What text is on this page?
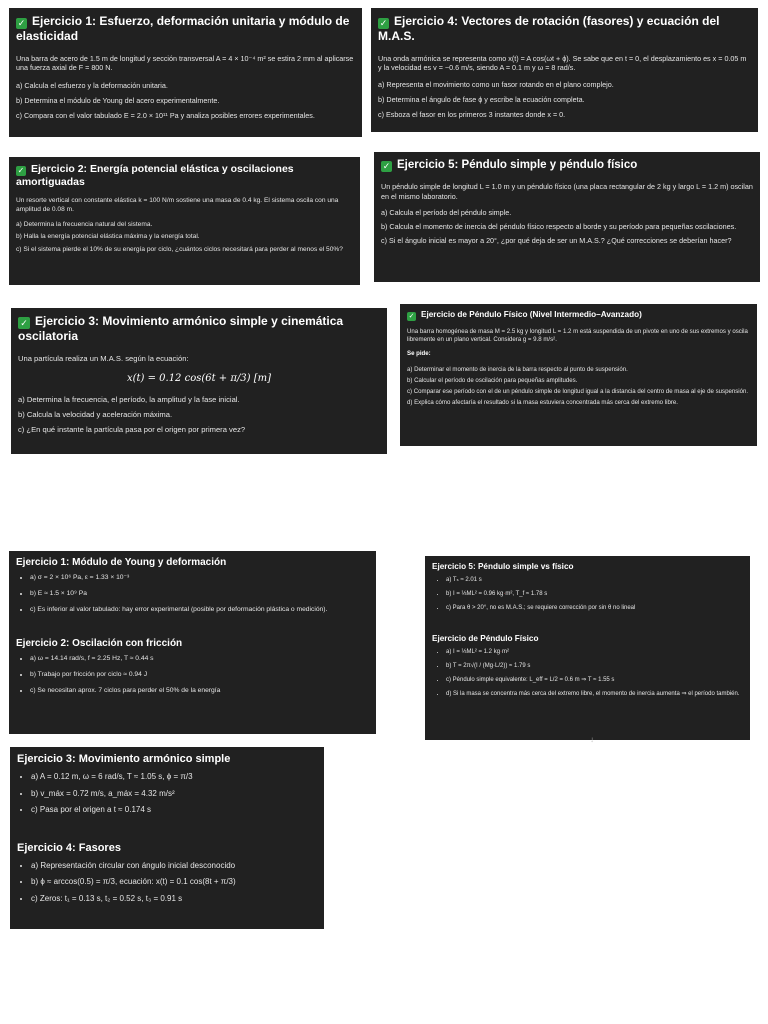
✓ Ejercicio 1: Esfuerzo, deformación unitaria y módulo de elasticidad

Una barra de acero de 1.5 m de longitud y sección transversal A = 4 × 10⁻⁴ m² se estira 2 mm al aplicarse una fuerza axial de F = 800 N.

a) Calcula el esfuerzo y la deformación unitaria.

b) Determina el módulo de Young del acero experimentalmente.

c) Compara con el valor tabulado E = 2.0 × 10¹¹ Pa y analiza posibles errores experimentales.

✓ Ejercicio 4: Vectores de rotación (fasores) y ecuación del M.A.S.

Una onda armónica se representa como x(t) = A cos(ωt + ϕ). Se sabe que en t = 0, el desplazamiento es x = 0.05 m y la velocidad es v = −0.6 m/s, siendo A = 0.1 m y ω = 8 rad/s.

a) Representa el movimiento como un fasor rotando en el plano complejo.

b) Determina el ángulo de fase ϕ y escribe la ecuación completa.

c) Esboza el fasor en los primeros 3 instantes donde x = 0.

✓ Ejercicio 2: Energía potencial elástica y oscilaciones amortiguadas

Un resorte vertical con constante elástica k = 100 N/m sostiene una masa de 0.4 kg. El sistema oscila con una amplitud de 0.08 m.

a) Determina la frecuencia natural del sistema.

b) Halla la energía potencial elástica máxima y la energía total.

c) Si el sistema pierde el 10% de su energía por ciclo, ¿cuántos ciclos necesitará para perder al menos el 50%?

✓ Ejercicio 5: Péndulo simple y péndulo físico

Un péndulo simple de longitud L = 1.0 m y un péndulo físico (una placa rectangular de 2 kg y largo L = 1.2 m) oscilan en el mismo laboratorio.

a) Calcula el período del péndulo simple.

b) Calcula el momento de inercia del péndulo físico respecto al borde y su período para pequeñas oscilaciones.

c) Si el ángulo inicial es mayor a 20°, ¿por qué deja de ser un M.A.S.? ¿Qué correcciones se deberían hacer?

✓ Ejercicio 3: Movimiento armónico simple y cinemática oscilatoria

Una partícula realiza un M.A.S. según la ecuación:

x(t) = 0.12 cos(6t + π/3) [m]

a) Determina la frecuencia, el período, la amplitud y la fase inicial.

b) Calcula la velocidad y aceleración máxima.

c) ¿En qué instante la partícula pasa por el origen por primera vez?

✓ Ejercicio de Péndulo Físico (Nivel Intermedio–Avanzado)

Una barra homogénea de masa M = 2.5 kg y longitud L = 1.2 m está suspendida de un pivote en uno de sus extremos y oscila libremente en un plano vertical. Considera g = 9.8 m/s².

Se pide:

a) Determinar el momento de inercia de la barra respecto al punto de suspensión.

b) Calcular el período de oscilación para pequeñas amplitudes.

c) Comparar ese período con el de un péndulo simple de longitud igual a la distancia del centro de masa al eje de suspensión.

d) Explica cómo afectaría el resultado si la masa estuviera concentrada más cerca del extremo libre.

Ejercicio 1: Módulo de Young y deformación
• a) σ = 2 × 10⁶ Pa, ε = 1.33 × 10⁻³
• b) E ≈ 1.5 × 10⁹ Pa
• c) Es inferior al valor tabulado: hay error experimental (posible por deformación plástica o medición).
Ejercicio 2: Oscilación con fricción
• a) ω = 14.14 rad/s, f = 2.25 Hz, T ≈ 0.44 s
• b) Trabajo por fricción por ciclo ≈ 0.94 J
• c) Se necesitan aprox. 7 ciclos para perder el 50% de la energía
Ejercicio 5: Péndulo simple vs físico
• a) Tₛ ≈ 2.01 s
• b) I = ⅓ML² = 0.96 kg·m², T_f ≈ 1.78 s
• c) Para θ > 20°, no es M.A.S.; se requiere corrección por sin θ no lineal
Ejercicio de Péndulo Físico
• a) I = ⅓ML² = 1.2 kg·m²
• b) T = 2π√(I / (Mg·L/2)) ≈ 1.79 s
• c) Péndulo simple equivalente: L_eff = L/2 = 0.6 m ⇒ T ≈ 1.55 s
• d) Si la masa se concentra más cerca del extremo libre, el momento de inercia aumenta ⇒ el período también.
Ejercicio 3: Movimiento armónico simple
• a) A = 0.12 m, ω = 6 rad/s, T ≈ 1.05 s, ϕ = π/3
• b) v_máx = 0.72 m/s, a_máx = 4.32 m/s²
• c) Pasa por el origen a t ≈ 0.174 s
Ejercicio 4: Fasores
• a) Representación circular con ángulo inicial desconocido
• b) ϕ ≈ arccos(0.5) = π/3, ecuación: x(t) = 0.1 cos(8t + π/3)
• c) Zeros: t₁ = 0.13 s, t₂ = 0.52 s, t₃ = 0.91 s
↓
